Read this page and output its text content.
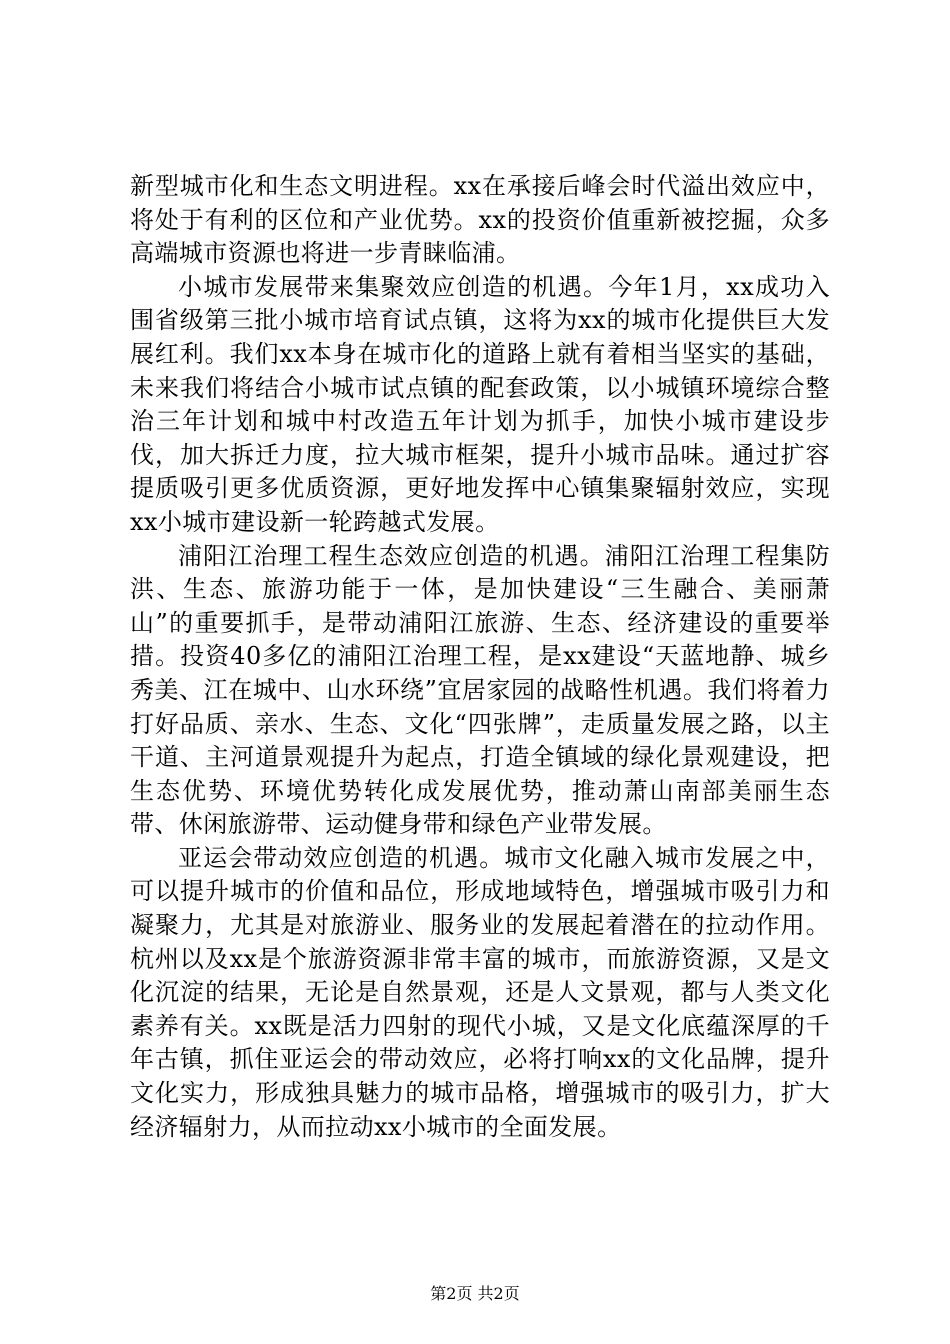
新型城市化和生态文明进程。xx在承接后峰会时代溢出效应中，将处于有利的区位和产业优势。xx的投资价值重新被挖掘，众多高端城市资源也将进一步青睐临浦。

小城市发展带来集聚效应创造的机遇。今年1月，xx成功入围省级第三批小城市培育试点镇，这将为xx的城市化提供巨大发展红利。我们xx本身在城市化的道路上就有着相当坚实的基础，未来我们将结合小城市试点镇的配套政策，以小城镇环境综合整治三年计划和城中村改造五年计划为抓手，加快小城市建设步伐，加大拆迁力度，拉大城市框架，提升小城市品味。通过扩容提质吸引更多优质资源，更好地发挥中心镇集聚辐射效应，实现xx小城市建设新一轮跨越式发展。

浦阳江治理工程生态效应创造的机遇。浦阳江治理工程集防洪、生态、旅游功能于一体，是加快建设“三生融合、美丽萧山”的重要抓手，是带动浦阳江旅游、生态、经济建设的重要举措。投资40多亿的浦阳江治理工程，是xx建设“天蓝地静、城乡秀美、江在城中、山水环绕”宜居家园的战略性机遇。我们将着力打好品质、亲水、生态、文化“四张牌”，走质量发展之路，以主干道、主河道景观提升为起点，打造全镇域的绿化景观建设，把生态优势、环境优势转化成发展优势，推动萧山南部美丽生态带、休闲旅游带、运动健身带和绿色产业带发展。

亚运会带动效应创造的机遇。城市文化融入城市发展之中，可以提升城市的价值和品位，形成地域特色，增强城市吸引力和凝聚力，尤其是对旅游业、服务业的发展起着潜在的拉动作用。杭州以及xx是个旅游资源非常丰富的城市，而旅游资源，又是文化沉淀的结果，无论是自然景观，还是人文景观，都与人类文化素养有关。xx既是活力四射的现代小城，又是文化底蕴深厚的千年古镇，抓住亚运会的带动效应，必将打响xx的文化品牌，提升文化实力，形成独具魅力的城市品格，增强城市的吸引力，扩大经济辐射力，从而拉动xx小城市的全面发展。

第2页 共2页
